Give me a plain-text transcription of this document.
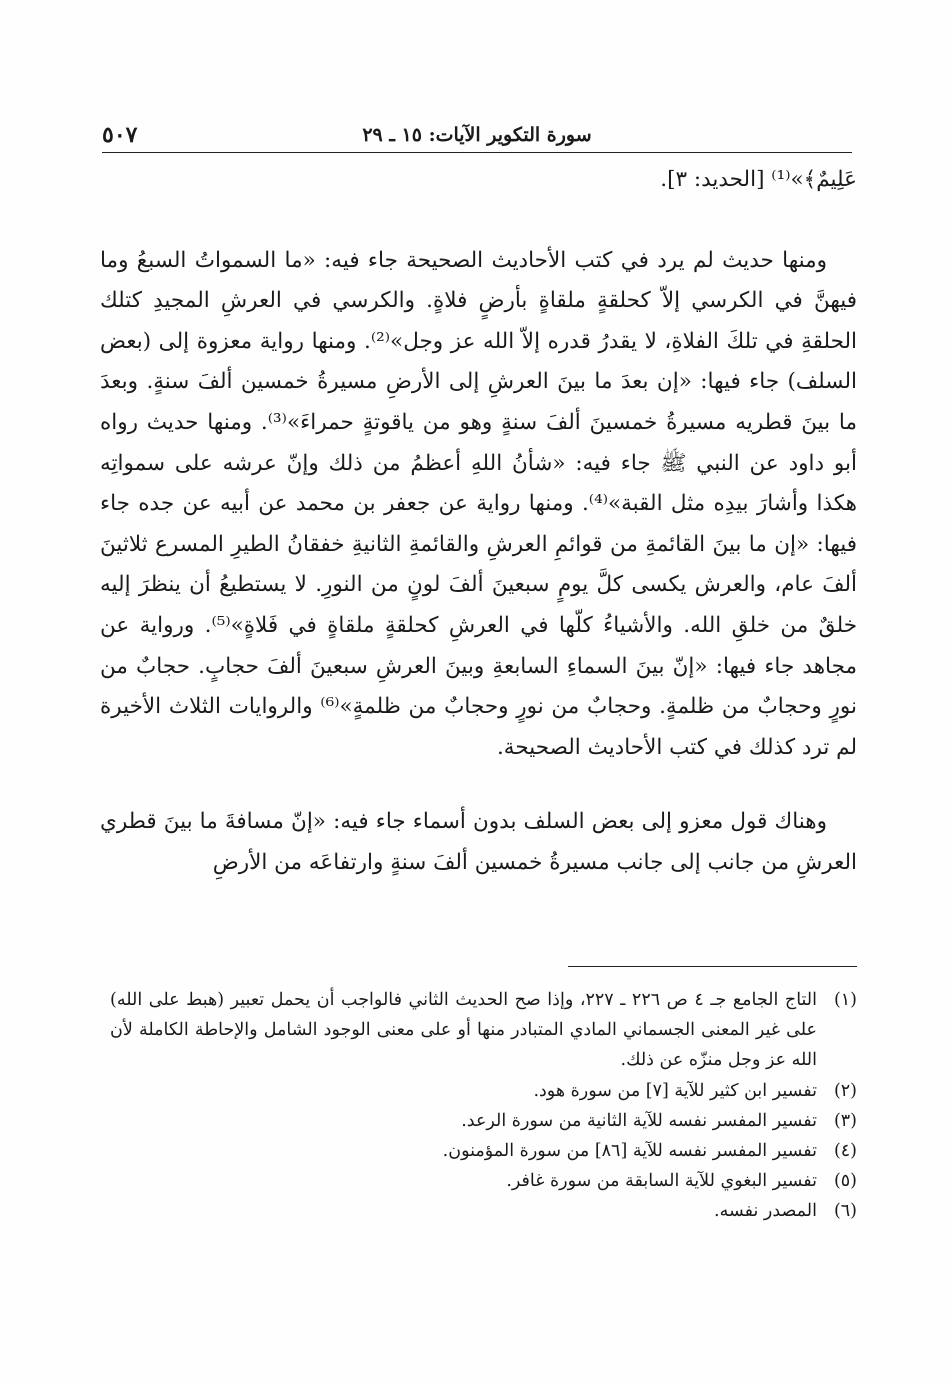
سورة التكوير الآيات: ١٥ ـ ٢٩
٥٠٧

عَلِيمٌ﴾»⁽¹⁾ [الحديد: ٣].

ومنها حديث لم يرد في كتب الأحاديث الصحيحة جاء فيه: «ما السمواتُ السبعُ وما فيهنَّ في الكرسي إلاّ كحلقةٍ ملقاةٍ بأرضٍ فلاةٍ. والكرسي في العرشِ المجيدِ كتلك الحلقةِ في تلكَ الفلاةِ، لا يقدرُ قدره إلاّ الله عز وجل»⁽²⁾. ومنها رواية معزوة إلى (بعض السلف) جاء فيها: «إن بعدَ ما بينَ العرشِ إلى الأرضِ مسيرةُ خمسين ألفَ سنةٍ. وبعدَ ما بينَ قطريه مسيرةُ خمسينَ ألفَ سنةٍ وهو من ياقوتةٍ حمراءَ»⁽³⁾. ومنها حديث رواه أبو داود عن النبي ﷺ جاء فيه: «شأنُ اللهِ أعظمُ من ذلك وإنّ عرشه على سمواتِه هكذا وأشارَ بيدِه مثل القبة»⁽⁴⁾. ومنها رواية عن جعفر بن محمد عن أبيه عن جده جاء فيها: «إن ما بينَ القائمةِ من قوائمِ العرشِ والقائمةِ الثانيةِ خفقانُ الطيرِ المسرع ثلاثينَ ألفَ عام، والعرش يكسى كلَّ يومٍ سبعينَ ألفَ لونٍ من النورِ. لا يستطيعُ أن ينظرَ إليه خلقٌ من خلقِ الله. والأشياءُ كلّها في العرشِ كحلقةٍ ملقاةٍ في فَلاةٍ»⁽⁵⁾. ورواية عن مجاهد جاء فيها: «إنّ بينَ السماءِ السابعةِ وبينَ العرشِ سبعينَ ألفَ حجابٍ. حجابٌ من نورٍ وحجابٌ من ظلمةٍ. وحجابٌ من نورٍ وحجابٌ من ظلمةٍ»⁽⁶⁾ والروايات الثلاث الأخيرة لم ترد كذلك في كتب الأحاديث الصحيحة.

وهناك قول معزو إلى بعض السلف بدون أسماء جاء فيه: «إنّ مسافةَ ما بينَ قطري العرشِ من جانب إلى جانب مسيرةُ خمسين ألفَ سنةٍ وارتفاعَه من الأرضِ

(١)
التاج الجامع جـ ٤ ص ٢٢٦ ـ ٢٢٧، وإذا صح الحديث الثاني فالواجب أن يحمل تعبير (هبط على الله) على غير المعنى الجسماني المادي المتبادر منها أو على معنى الوجود الشامل والإحاطة الكاملة لأن الله عز وجل منزّه عن ذلك.
(٢)
تفسير ابن كثير للآية [٧] من سورة هود.
(٣)
تفسير المفسر نفسه للآية الثانية من سورة الرعد.
(٤)
تفسير المفسر نفسه للآية [٨٦] من سورة المؤمنون.
(٥)
تفسير البغوي للآية السابقة من سورة غافر.
(٦)
المصدر نفسه.
